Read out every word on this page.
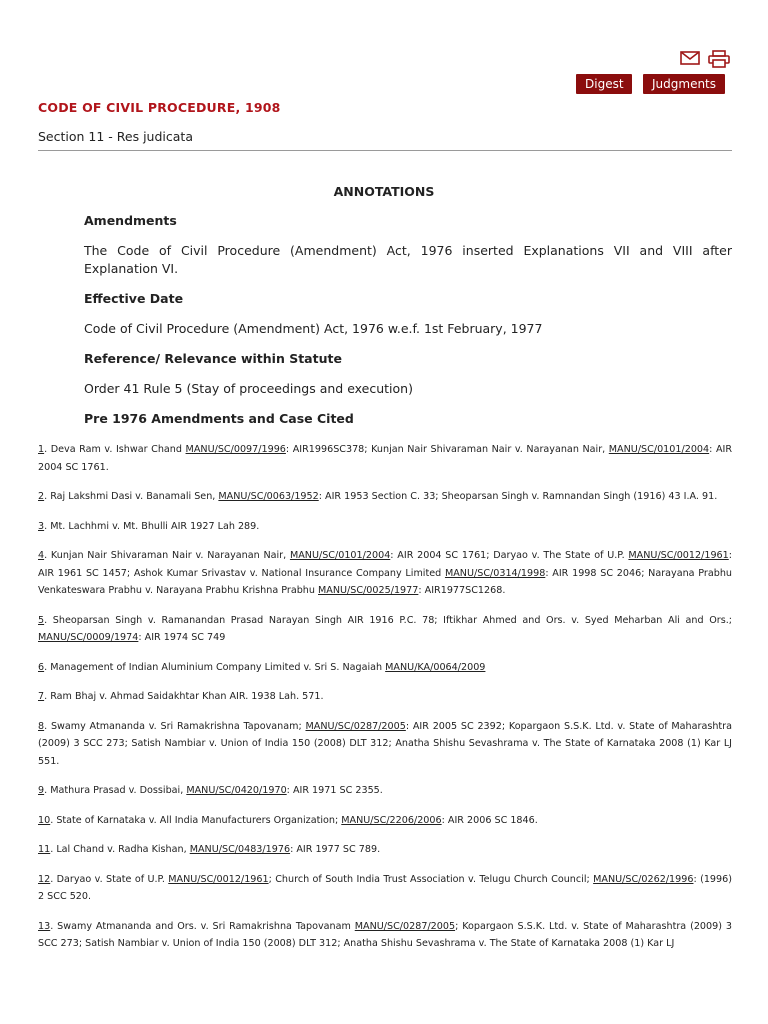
Digest	Judgments
CODE OF CIVIL PROCEDURE, 1908

Section 11 - Res judicata

ANNOTATIONS

Amendments

The Code of Civil Procedure (Amendment) Act, 1976 inserted Explanations VII and VIII after Explanation VI.

Effective Date

Code of Civil Procedure (Amendment) Act, 1976 w.e.f. 1st February, 1977

Reference/ Relevance within Statute

Order 41 Rule 5 (Stay of proceedings and execution)

Pre 1976 Amendments and Case Cited

1. Deva Ram v. Ishwar Chand MANU/SC/0097/1996: AIR1996SC378; Kunjan Nair Shivaraman Nair v. Narayanan Nair, MANU/SC/0101/2004: AIR 2004 SC 1761.

2. Raj Lakshmi Dasi v. Banamali Sen, MANU/SC/0063/1952: AIR 1953 Section C. 33; Sheoparsan Singh v. Ramnandan Singh (1916) 43 I.A. 91.

3. Mt. Lachhmi v. Mt. Bhulli AIR 1927 Lah 289.

4. Kunjan Nair Shivaraman Nair v. Narayanan Nair, MANU/SC/0101/2004: AIR 2004 SC 1761; Daryao v. The State of U.P. MANU/SC/0012/1961: AIR 1961 SC 1457; Ashok Kumar Srivastav v. National Insurance Company Limited MANU/SC/0314/1998: AIR 1998 SC 2046; Narayana Prabhu Venkateswara Prabhu v. Narayana Prabhu Krishna Prabhu MANU/SC/0025/1977: AIR1977SC1268.

5. Sheoparsan Singh v. Ramanandan Prasad Narayan Singh AIR 1916 P.C. 78; Iftikhar Ahmed and Ors. v. Syed Meharban Ali and Ors.; MANU/SC/0009/1974: AIR 1974 SC 749

6. Management of Indian Aluminium Company Limited v. Sri S. Nagaiah MANU/KA/0064/2009

7. Ram Bhaj v. Ahmad Saidakhtar Khan AIR. 1938 Lah. 571.

8. Swamy Atmananda v. Sri Ramakrishna Tapovanam; MANU/SC/0287/2005: AIR 2005 SC 2392; Kopargaon S.S.K. Ltd. v. State of Maharashtra (2009) 3 SCC 273; Satish Nambiar v. Union of India 150 (2008) DLT 312; Anatha Shishu Sevashrama v. The State of Karnataka 2008 (1) Kar LJ 551.

9. Mathura Prasad v. Dossibai, MANU/SC/0420/1970: AIR 1971 SC 2355.

10. State of Karnataka v. All India Manufacturers Organization; MANU/SC/2206/2006: AIR 2006 SC 1846.

11. Lal Chand v. Radha Kishan, MANU/SC/0483/1976: AIR 1977 SC 789.

12. Daryao v. State of U.P. MANU/SC/0012/1961; Church of South India Trust Association v. Telugu Church Council; MANU/SC/0262/1996: (1996) 2 SCC 520.

13. Swamy Atmananda and Ors. v. Sri Ramakrishna Tapovanam MANU/SC/0287/2005; Kopargaon S.S.K. Ltd. v. State of Maharashtra (2009) 3 SCC 273; Satish Nambiar v. Union of India 150 (2008) DLT 312; Anatha Shishu Sevashrama v. The State of Karnataka 2008 (1) Kar LJ
